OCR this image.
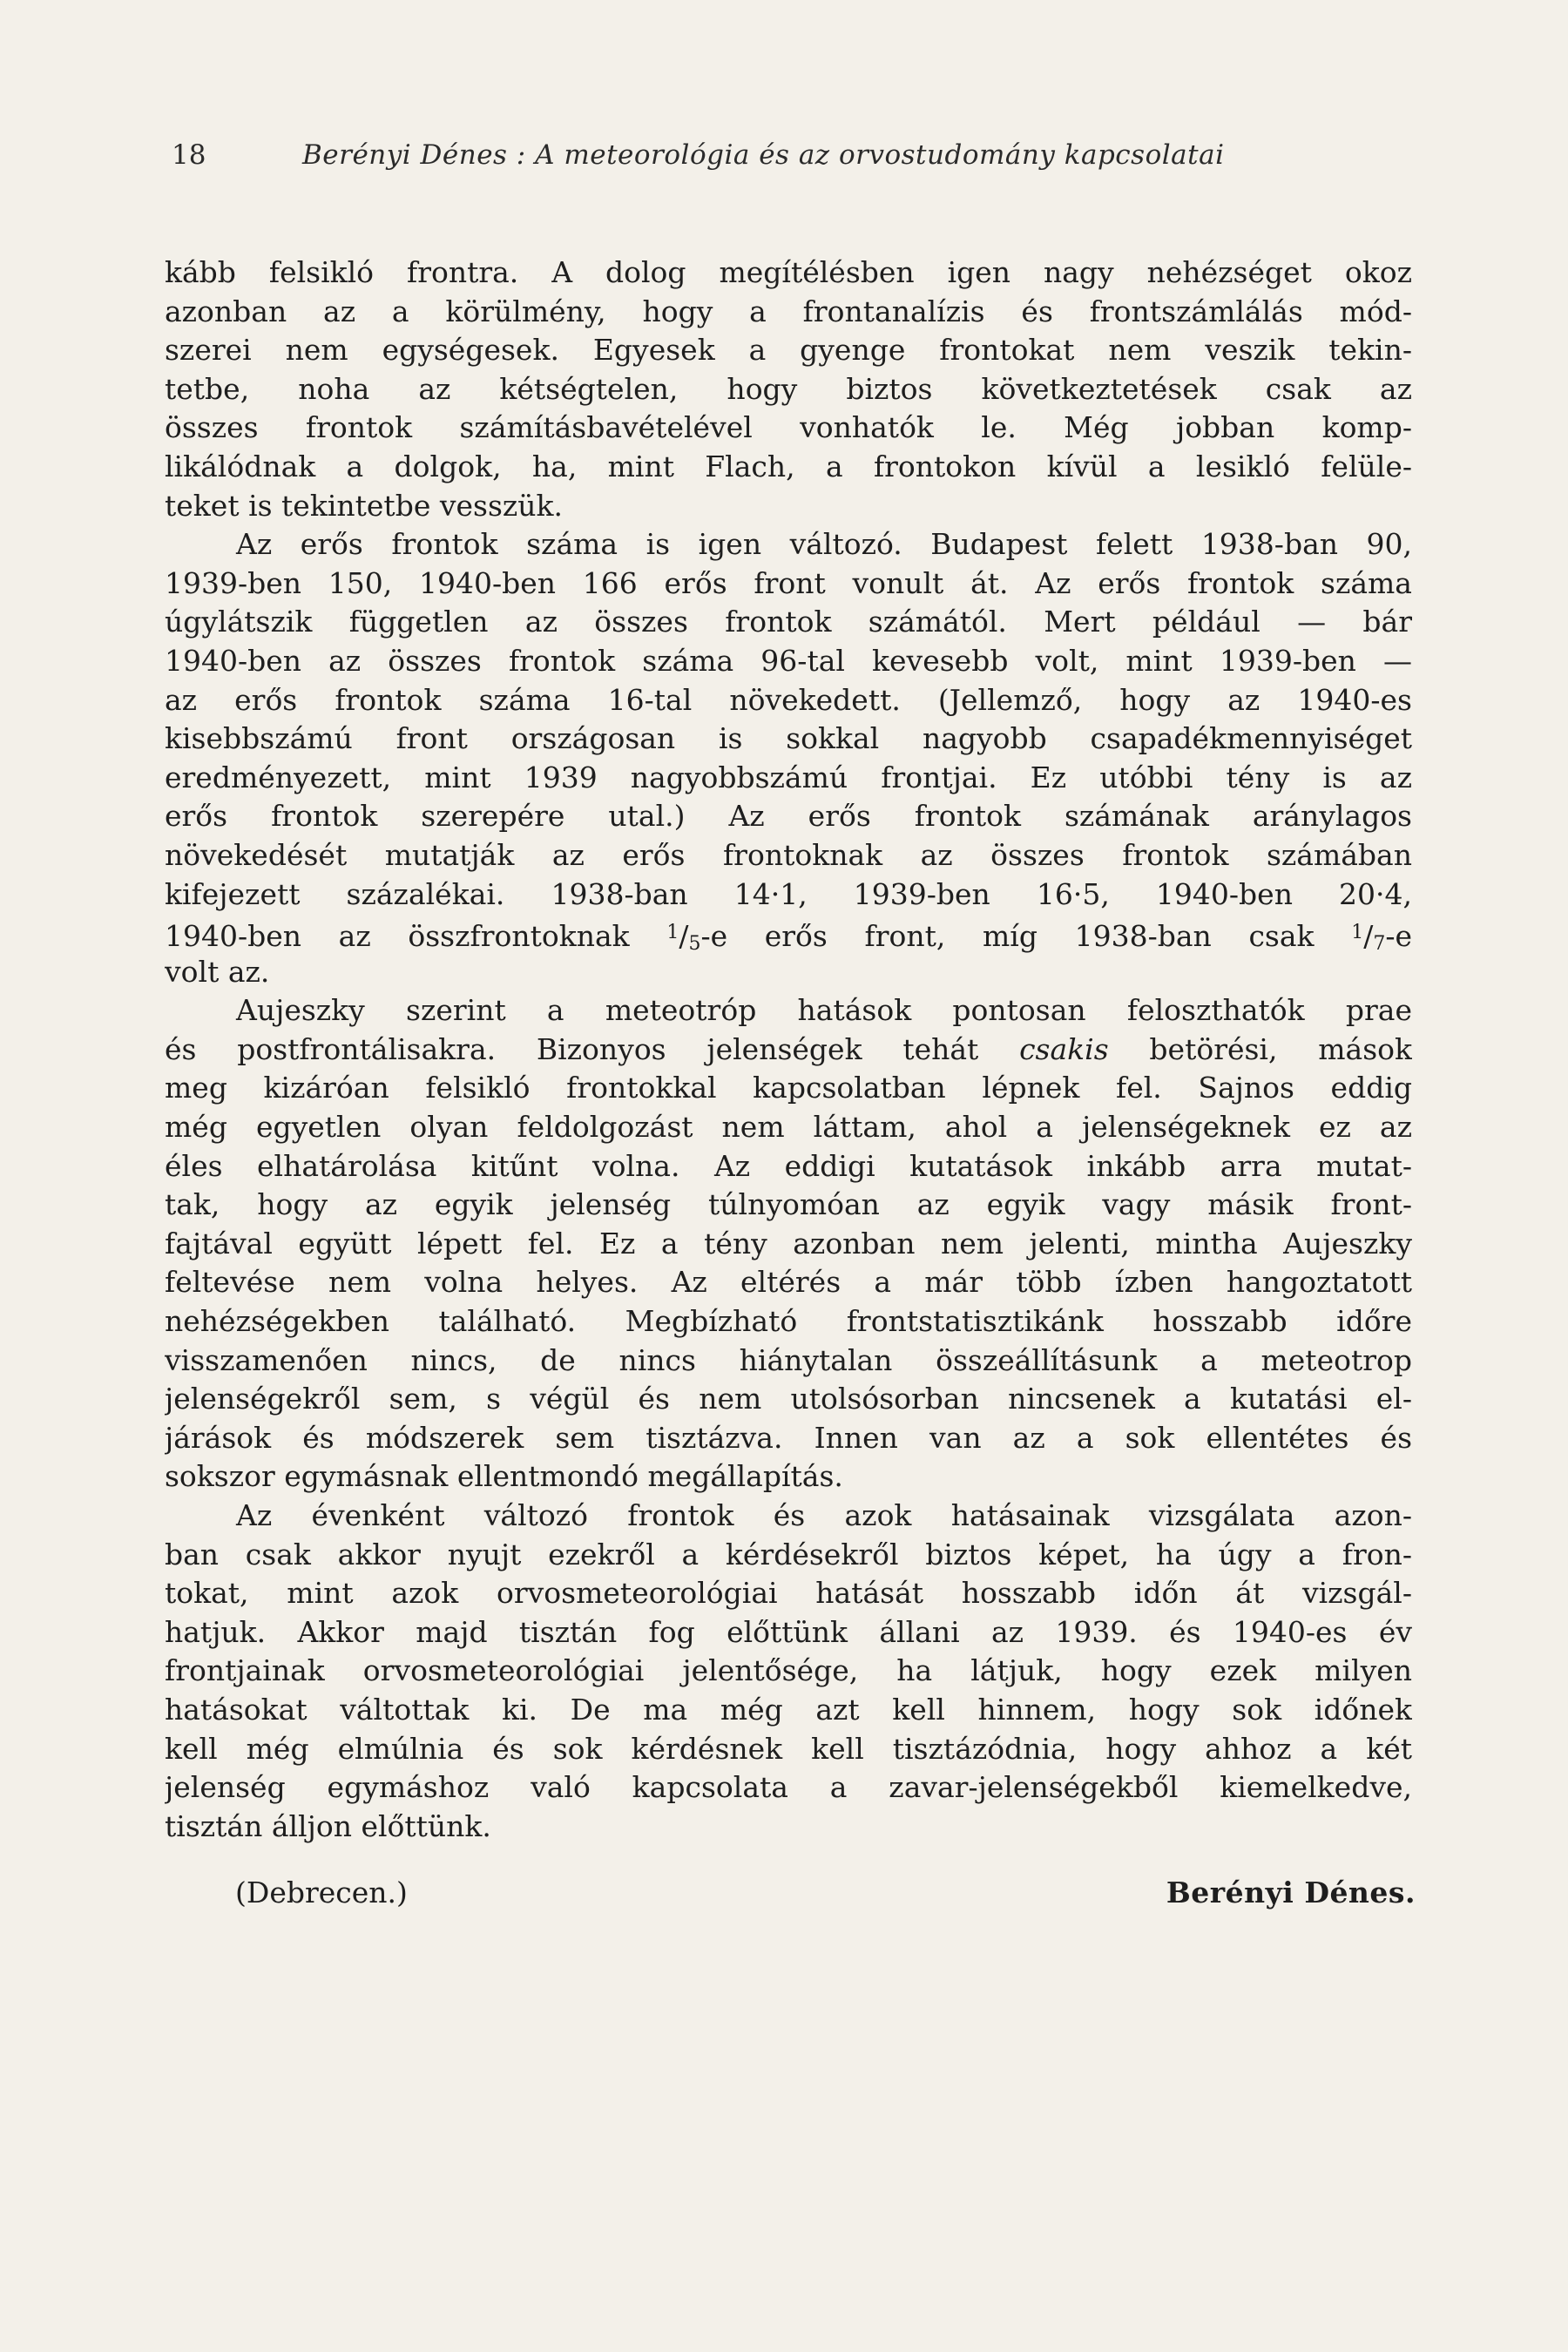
18	Berényi Dénes : A meteorológia és az orvostudomány kapcsolatai
kább felsikló frontra. A dolog megítélésben igen nagy nehézséget okoz
azonban az a körülmény, hogy a frontanalízis és frontszámlálás mód-
szerei nem egységesek. Egyesek a gyenge frontokat nem veszik tekin-
tetbe, noha az kétségtelen, hogy biztos következtetések csak az
összes frontok számításbavételével vonhatók le. Még jobban komp-
likálódnak a dolgok, ha, mint Flach, a frontokon kívül a lesikló felüle-
teket is tekintetbe vesszük.
Az erős frontok száma is igen változó. Budapest felett 1938-ban 90,
1939-ben 150, 1940-ben 166 erős front vonult át. Az erős frontok száma
úgylátszik független az összes frontok számától. Mert például — bár
1940-ben az összes frontok száma 96-tal kevesebb volt, mint 1939-ben —
az erős frontok száma 16-tal növekedett. (Jellemző, hogy az 1940-es
kisebbszámú front országosan is sokkal nagyobb csapadékmennyiséget
eredményezett, mint 1939 nagyobbszámú frontjai. Ez utóbbi tény is az
erős frontok szerepére utal.) Az erős frontok számának aránylagos
növekedését mutatják az erős frontoknak az összes frontok számában
kifejezett százalékai. 1938-ban 14·1, 1939-ben 16·5, 1940-ben 20·4,
1940-ben az összfrontoknak $^1$/5-e erős front, míg 1938-ban csak $^1$/7-e
volt az.
Aujeszky szerint a meteotróp hatások pontosan feloszthatók prae
és postfrontálisakra. Bizonyos jelenségek tehát csakis betörési, mások
meg kizáróan felsikló frontokkal kapcsolatban lépnek fel. Sajnos eddig
még egyetlen olyan feldolgozást nem láttam, ahol a jelenségeknek ez az
éles elhatárolása kitűnt volna. Az eddigi kutatások inkább arra mutat-
tak, hogy az egyik jelenség túlnyomóan az egyik vagy másik front-
fajtával együtt lépett fel. Ez a tény azonban nem jelenti, mintha Aujeszky
feltevése nem volna helyes. Az eltérés a már több ízben hangoztatott
nehézségekben található. Megbízható frontstatisztikánk hosszabb időre
visszamenően nincs, de nincs hiánytalan összeállításunk a meteotrop
jelenségekről sem, s végül és nem utolsósorban nincsenek a kutatási el-
járások és módszerek sem tisztázva. Innen van az a sok ellentétes és
sokszor egymásnak ellentmondó megállapítás.
Az évenként változó frontok és azok hatásainak vizsgálata azon-
ban csak akkor nyujt ezekről a kérdésekről biztos képet, ha úgy a fron-
tokat, mint azok orvosmeteorológiai hatását hosszabb időn át vizsgál-
hatjuk. Akkor majd tisztán fog előttünk állani az 1939. és 1940-es év
frontjainak orvosmeteorológiai jelentősége, ha látjuk, hogy ezek milyen
hatásokat váltottak ki. De ma még azt kell hinnem, hogy sok időnek
kell még elmúlnia és sok kérdésnek kell tisztázódnia, hogy ahhoz a két
jelenség egymáshoz való kapcsolata a zavar-jelenségekből kiemelkedve,
tisztán álljon előttünk.
(Debrecen.)	Berényi Dénes.
